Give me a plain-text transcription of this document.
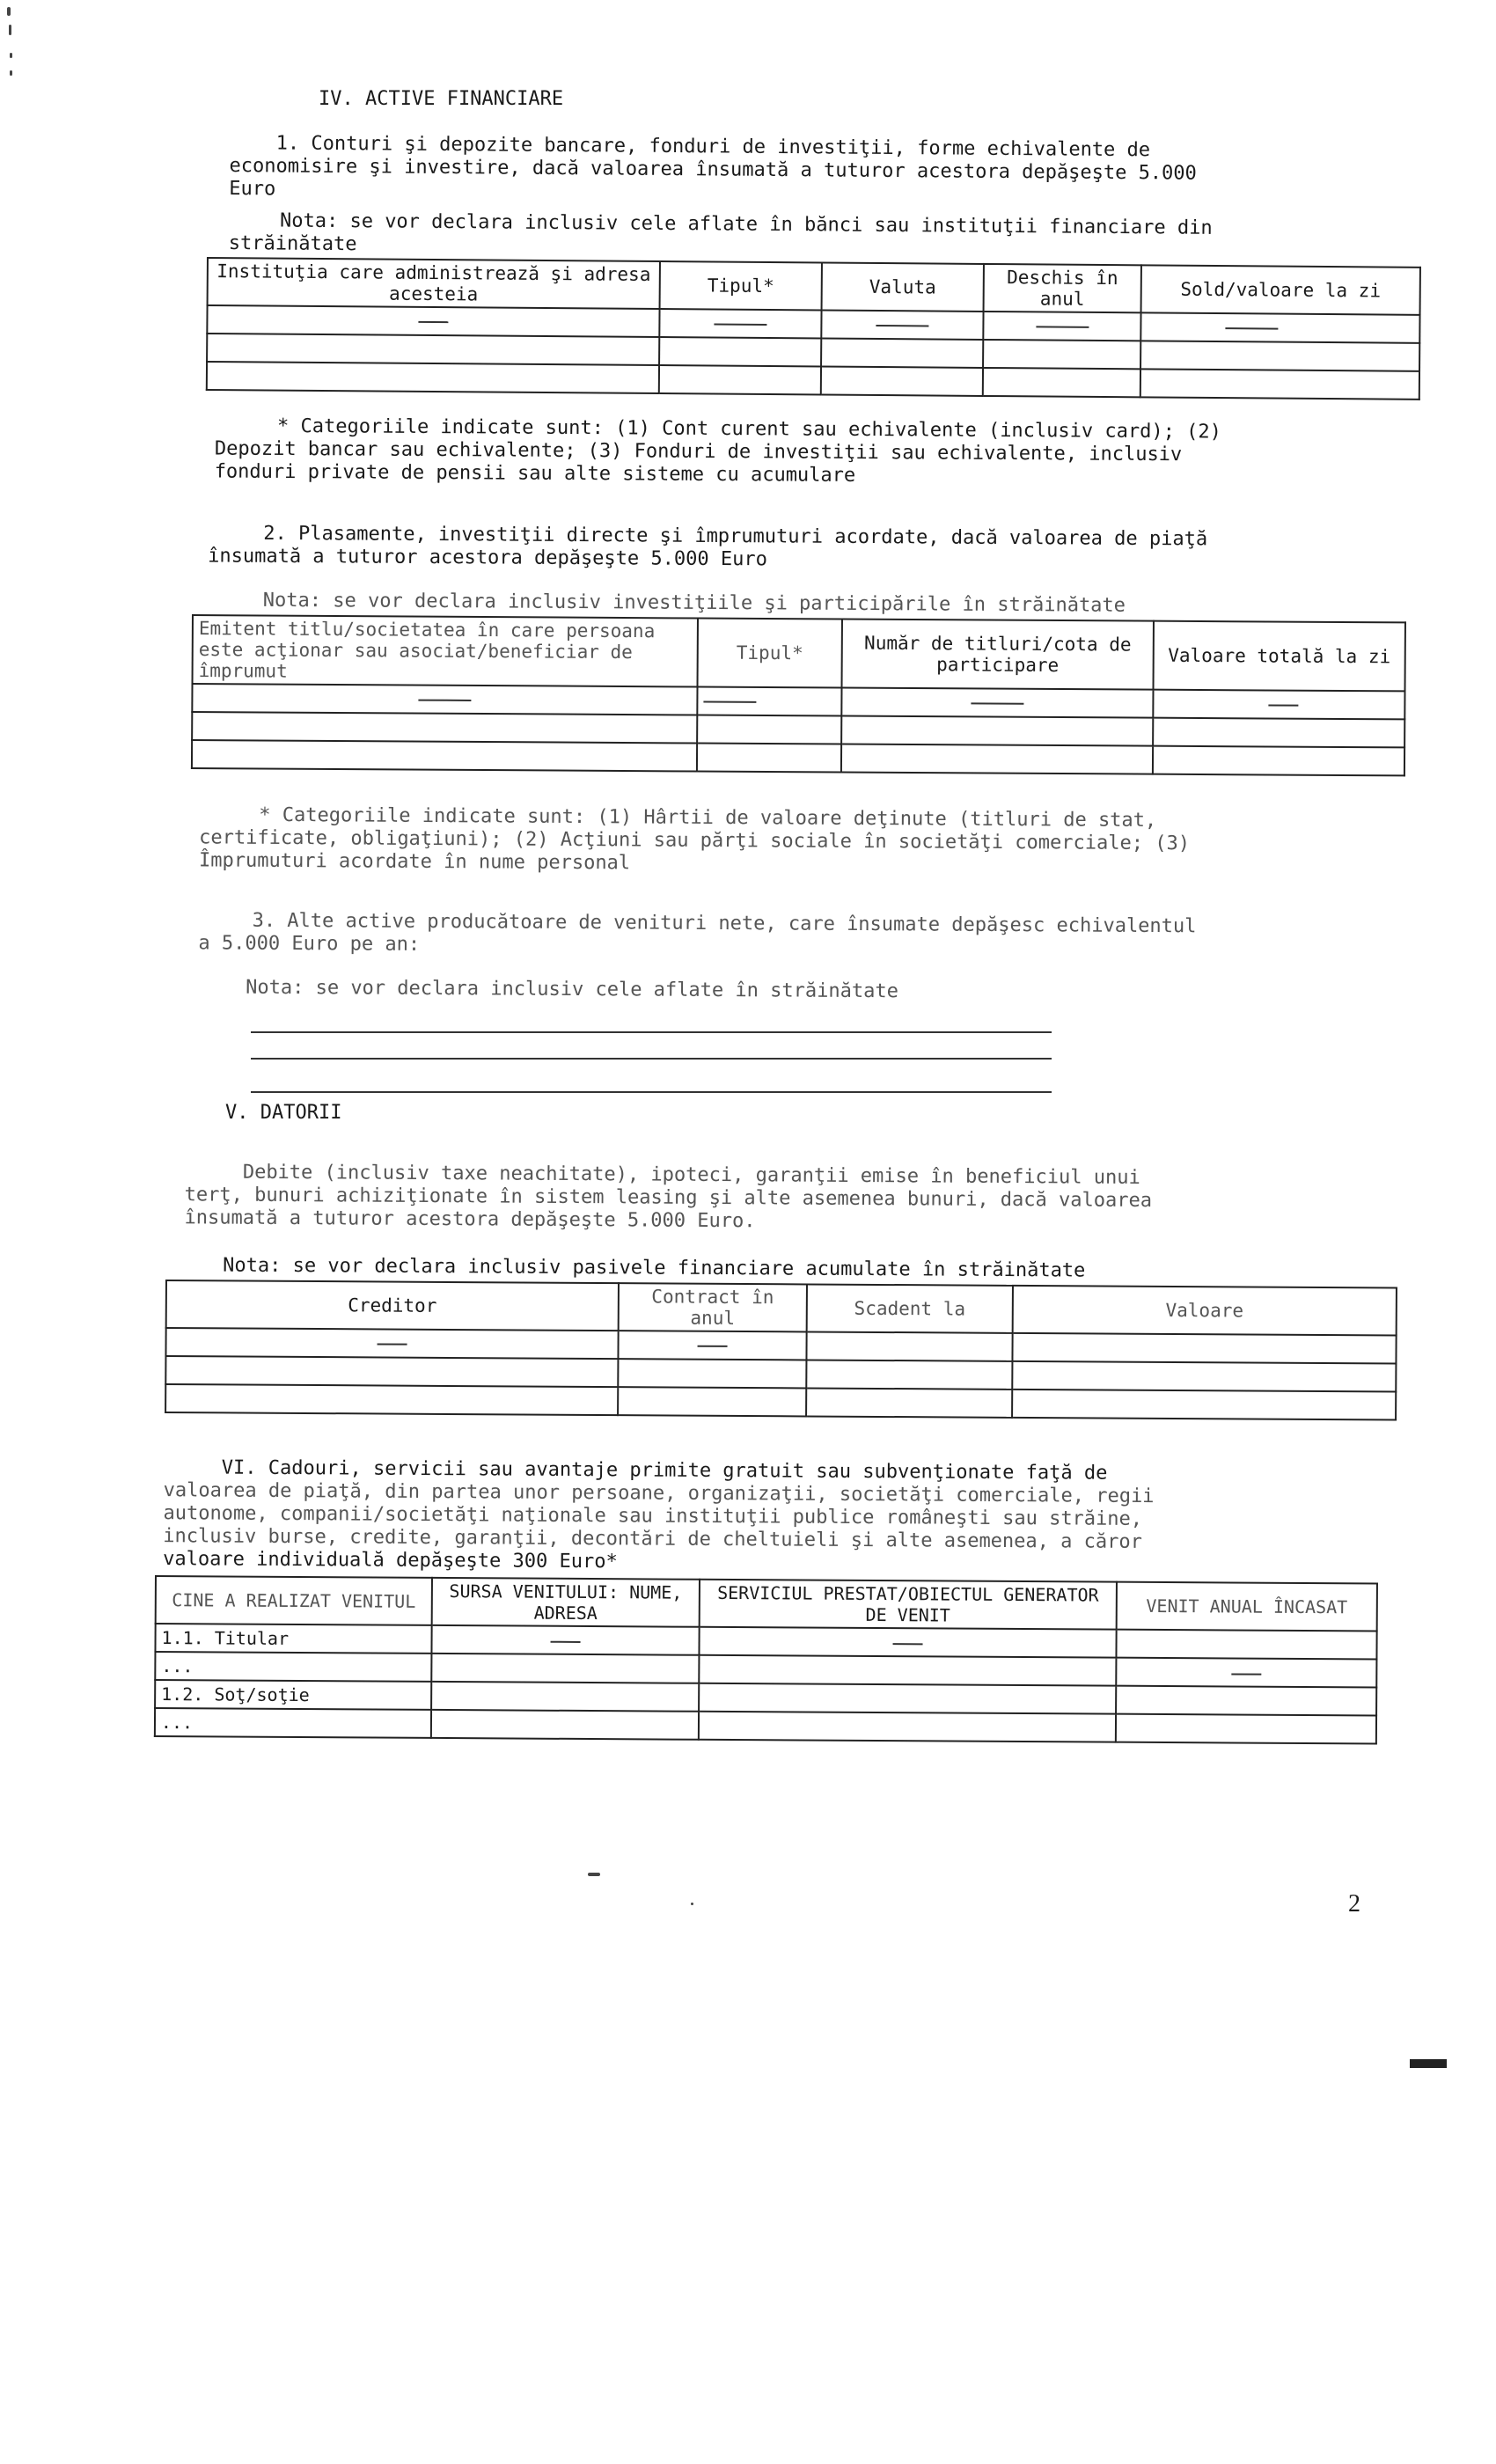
IV. ACTIVE FINANCIARE
1. Conturi şi depozite bancare, fonduri de investiţii, forme echivalente de
economisire şi investire, dacă valoarea însumată a tuturor acestora depăşeşte 5.000
Euro
Nota: se vor declara inclusiv cele aflate în bănci sau instituţii financiare din
străinătate
Instituţia care administrează şi adresa acesteia	Tipul*	Valuta	Deschis în anul	Sold/valoare la zi

* Categoriile indicate sunt: (1) Cont curent sau echivalente (inclusiv card); (2)
Depozit bancar sau echivalente; (3) Fonduri de investiţii sau echivalente, inclusiv
fonduri private de pensii sau alte sisteme cu acumulare
2. Plasamente, investiţii directe şi împrumuturi acordate, dacă valoarea de piaţă
însumată a tuturor acestora depăşeşte 5.000 Euro
Nota: se vor declara inclusiv investiţiile şi participările în străinătate
Emitent titlu/societatea în care persoana este acţionar sau asociat/beneficiar de împrumut	Tipul*	Număr de titluri/cota de participare	Valoare totală la zi

* Categoriile indicate sunt: (1) Hârtii de valoare deţinute (titluri de stat,
certificate, obligaţiuni); (2) Acţiuni sau părţi sociale în societăţi comerciale; (3)
Împrumuturi acordate în nume personal
3. Alte active producătoare de venituri nete, care însumate depăşesc echivalentul
a 5.000 Euro pe an:
Nota: se vor declara inclusiv cele aflate în străinătate
V. DATORII
Debite (inclusiv taxe neachitate), ipoteci, garanţii emise în beneficiul unui
terţ, bunuri achiziţionate în sistem leasing şi alte asemenea bunuri, dacă valoarea
însumată a tuturor acestora depăşeşte 5.000 Euro.
Nota: se vor declara inclusiv pasivele financiare acumulate în străinătate
Creditor	Contract în anul	Scadent la	Valoare

VI. Cadouri, servicii sau avantaje primite gratuit sau subvenţionate faţă de
valoarea de piaţă, din partea unor persoane, organizaţii, societăţi comerciale, regii
autonome, companii/societăţi naţionale sau instituţii publice româneşti sau străine,
inclusiv burse, credite, garanţii, decontări de cheltuieli şi alte asemenea, a căror
valoare individuală depăşeşte 300 Euro*
CINE A REALIZAT VENITUL	SURSA VENITULUI: NUME, ADRESA	SERVICIUL PRESTAT/OBIECTUL GENERATOR DE VENIT	VENIT ANUAL ÎNCASAT
1.1. Titular			
...			
1.2. Soţ/soţie			
...			
2
